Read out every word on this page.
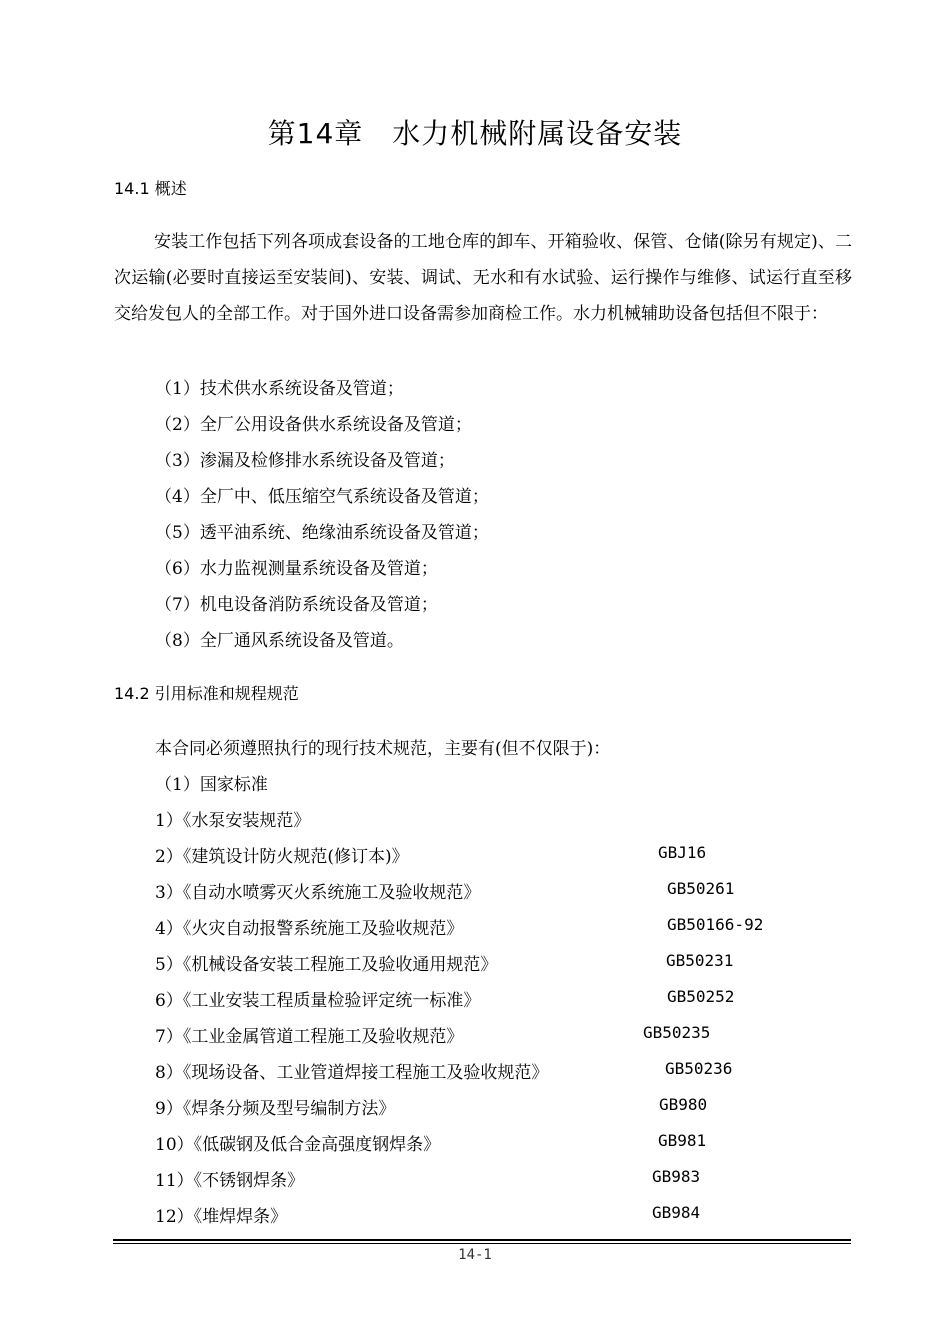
第14章　水力机械附属设备安装
14.1 概述

安装工作包括下列各项成套设备的工地仓库的卸车、开箱验收、保管、仓储(除另有规定)、二次运输(必要时直接运至安装间)、安装、调试、无水和有水试验、运行操作与维修、试运行直至移交给发包人的全部工作。对于国外进口设备需参加商检工作。水力机械辅助设备包括但不限于：

（1）技术供水系统设备及管道；
（2）全厂公用设备供水系统设备及管道；
（3）渗漏及检修排水系统设备及管道；
（4）全厂中、低压缩空气系统设备及管道；
（5）透平油系统、绝缘油系统设备及管道；
（6）水力监视测量系统设备及管道；
（7）机电设备消防系统设备及管道；
（8）全厂通风系统设备及管道。
14.2 引用标准和规程规范
本合同必须遵照执行的现行技术规范，主要有(但不仅限于)：
（1）国家标准
1）《水泵安装规范》
2）《建筑设计防火规范(修订本)》	GBJ16
3）《自动水喷雾灭火系统施工及验收规范》	GB50261
4）《火灾自动报警系统施工及验收规范》	GB50166-92
5）《机械设备安装工程施工及验收通用规范》	GB50231
6）《工业安装工程质量检验评定统一标准》	GB50252
7）《工业金属管道工程施工及验收规范》	GB50235
8）《现场设备、工业管道焊接工程施工及验收规范》	GB50236
9）《焊条分频及型号编制方法》	GB980
10）《低碳钢及低合金高强度钢焊条》	GB981
11）《不锈钢焊条》	GB983
12）《堆焊焊条》	GB984
14-1
